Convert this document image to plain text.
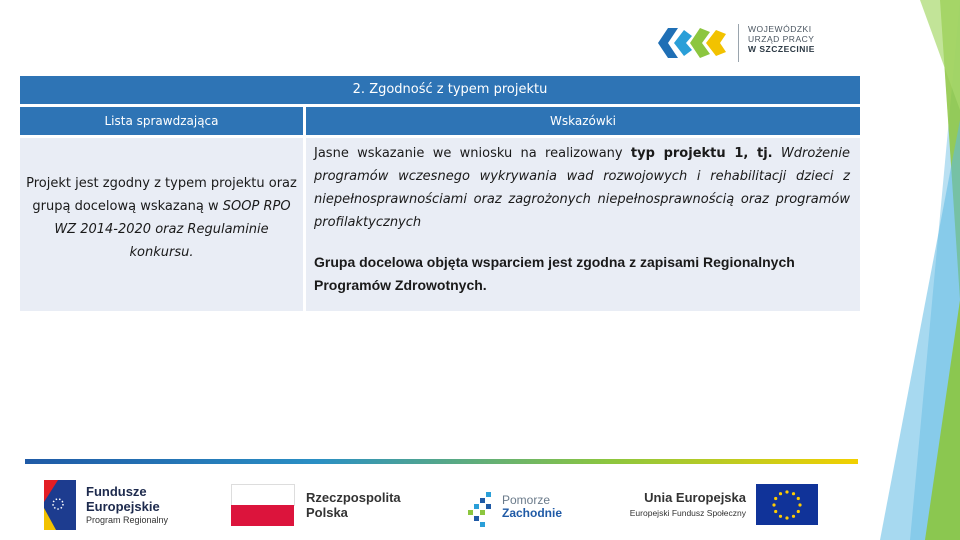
WOJEWÓDZKI
URZĄD PRACY
W SZCZECINIE
2. Zgodność z typem projektu
Lista sprawdzająca	Wskazówki
Projekt jest zgodny z typem projektu oraz grupą docelową wskazaną w SOOP RPO WZ 2014-2020 oraz Regulaminie konkursu.
Jasne wskazanie we wniosku na realizowany typ projektu 1, tj. Wdrożenie programów wczesnego wykrywania wad rozwojowych i rehabilitacji dzieci z niepełnosprawnościami oraz zagrożonych niepełnosprawnością oraz programów profilaktycznych
Grupa docelowa objęta wsparciem jest zgodna z zapisami Regionalnych Programów Zdrowotnych.
Fundusze
Europejskie
Program Regionalny
Rzeczpospolita
Polska
Pomorze
Zachodnie
Unia Europejska
Europejski Fundusz Społeczny
